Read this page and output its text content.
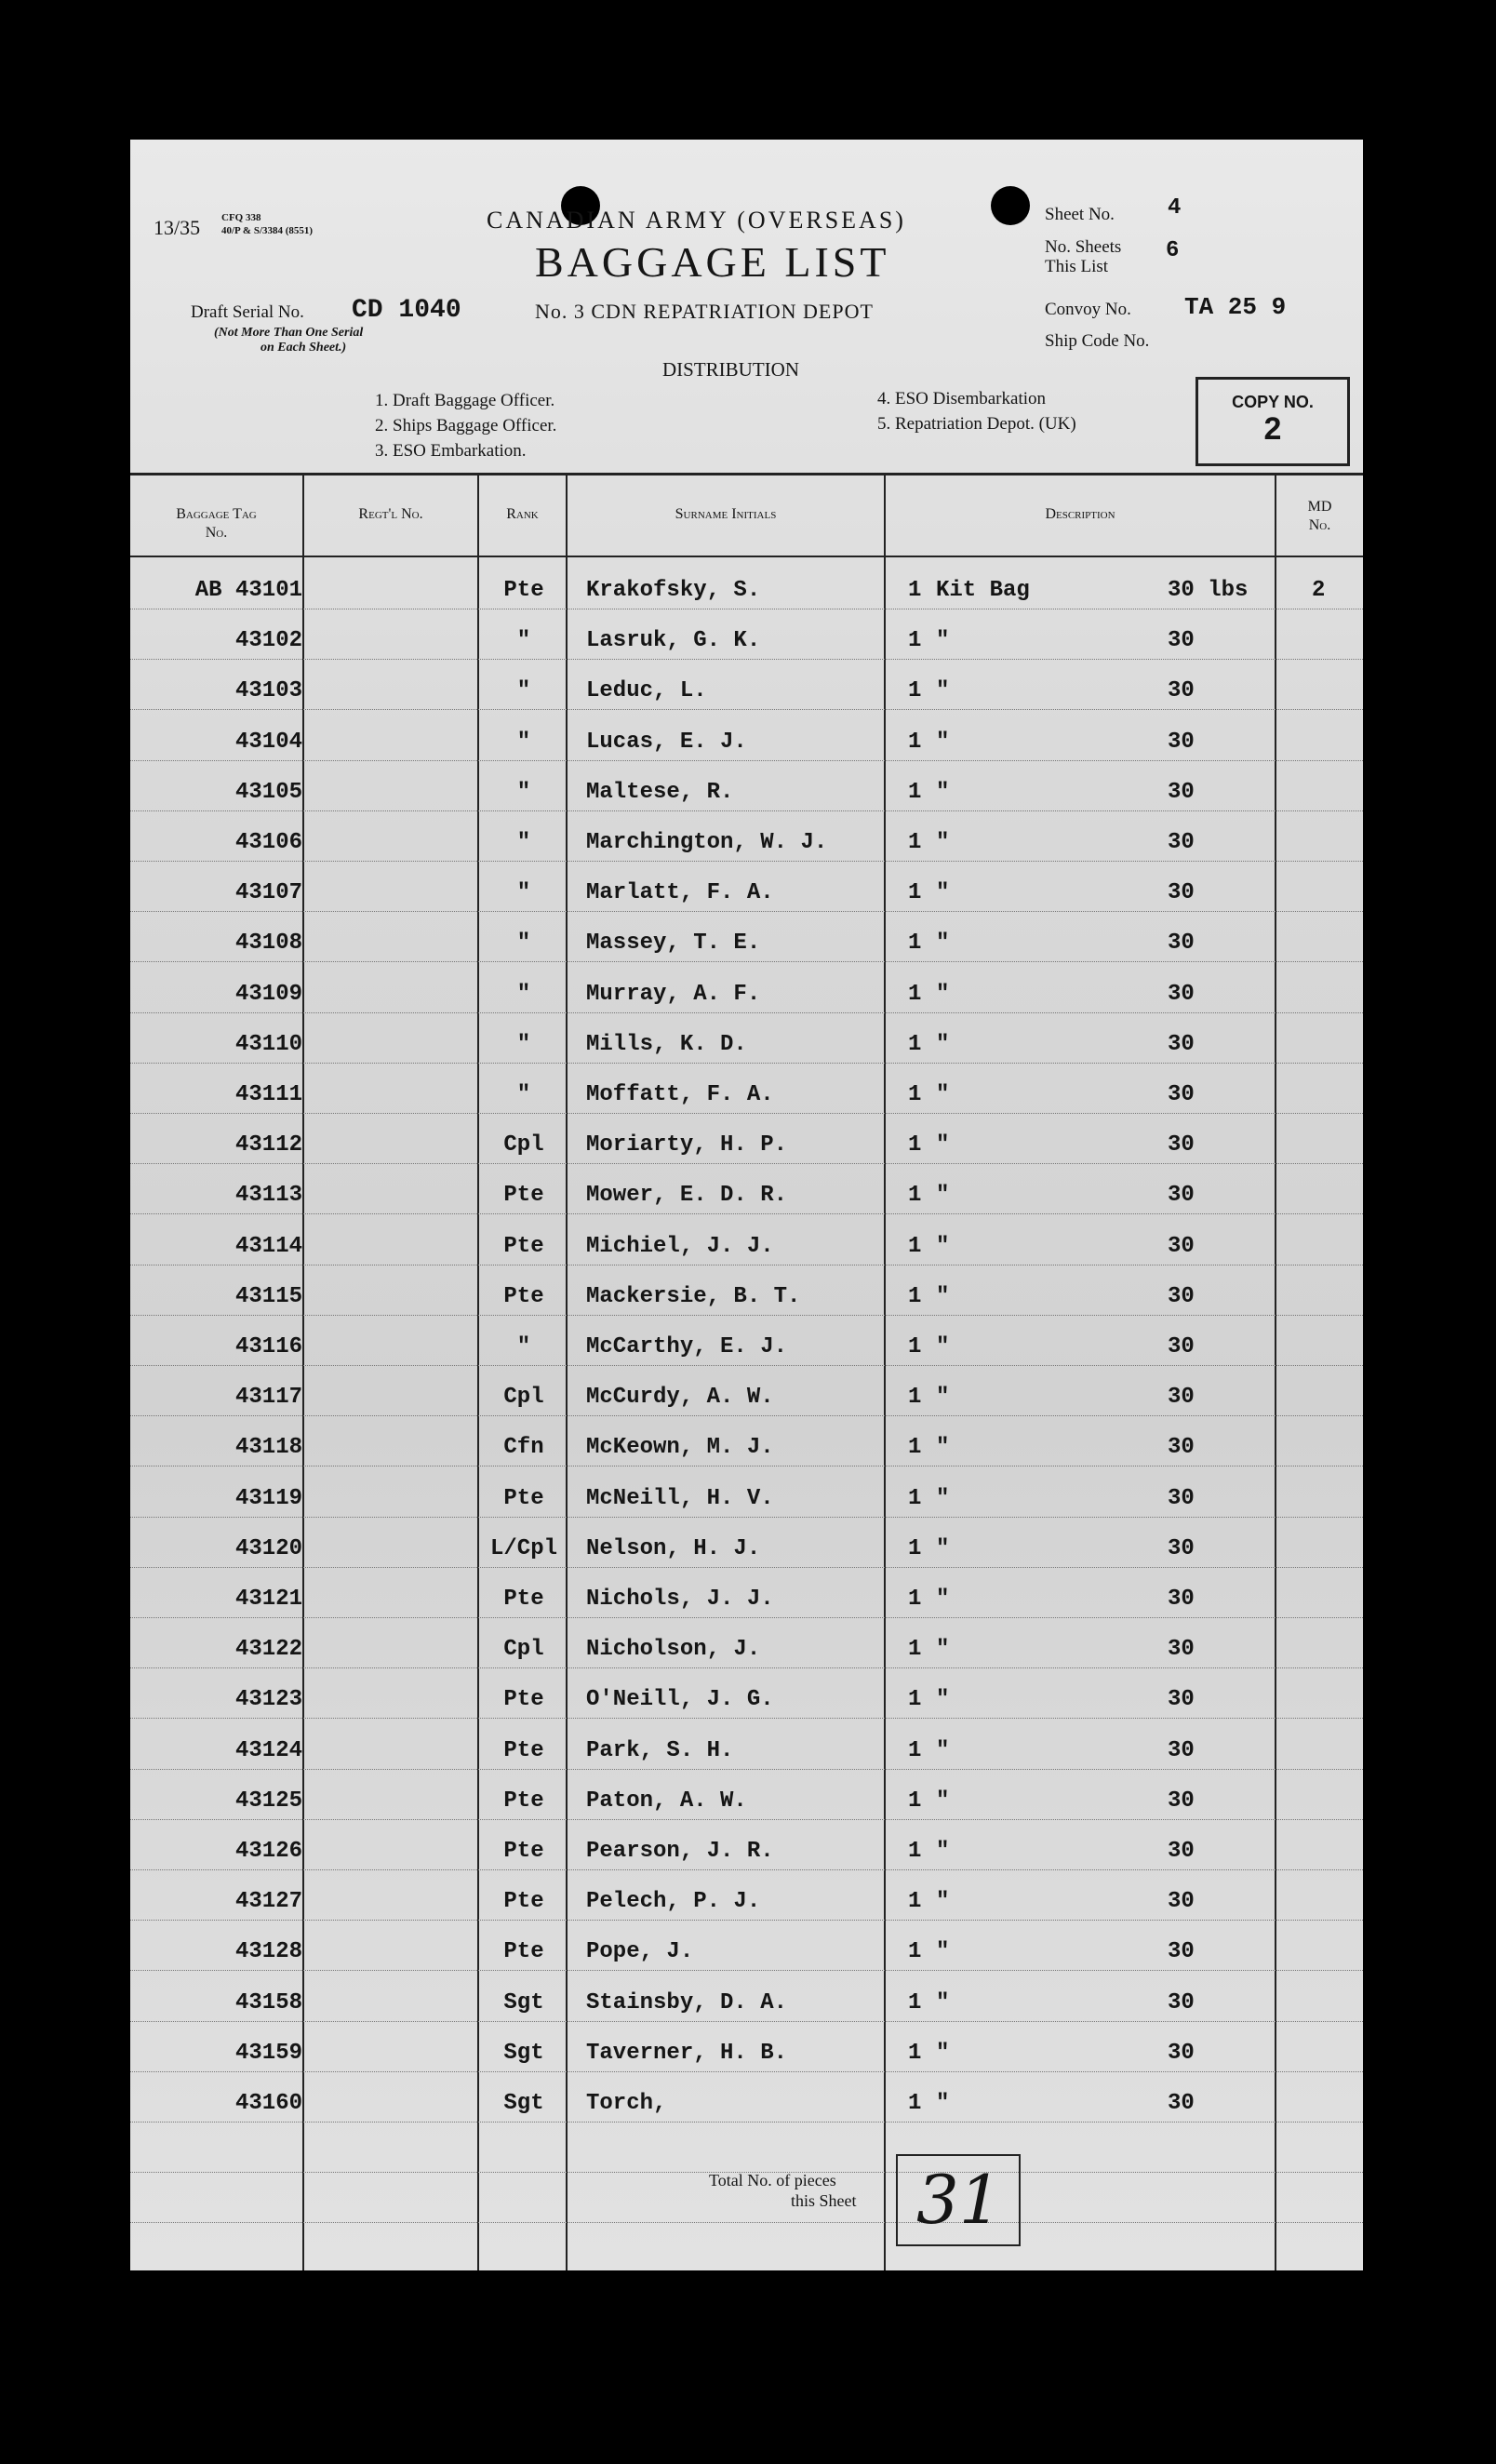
13/35 CFQ 338
40/P & S/3384 (8551)
Draft Serial No. CD 1040
(Not More Than One Serial
on Each Sheet.)
CANADIAN ARMY (OVERSEAS)
BAGGAGE LIST
No. 3 CDN REPATRIATION DEPOT
Sheet No. 4
No. Sheets
This List
6
Convoy No. TA 25 9
Ship Code No.
DISTRIBUTION
1. Draft Baggage Officer.
2. Ships Baggage Officer.
3. ESO Embarkation.
4. ESO Disembarkation
5. Repatriation Depot. (UK)
COPY NO.
2
Baggage Tag
No.
Regt'l No.	Rank	Surname Initials	Description	MD
No.
AB 43101	Pte	Krakofsky, S.	1 Kit Bag	30 lbs	2
43102	"	Lasruk, G. K.	1 "	30
43103	"	Leduc, L.	1 "	30
43104	"	Lucas, E. J.	1 "	30
43105	"	Maltese, R.	1 "	30
43106	"	Marchington, W. J.	1 "	30
43107	"	Marlatt, F. A.	1 "	30
43108	"	Massey, T. E.	1 "	30
43109	"	Murray, A. F.	1 "	30
43110	"	Mills, K. D.	1 "	30
43111	"	Moffatt, F. A.	1 "	30
43112	Cpl	Moriarty, H. P.	1 "	30
43113	Pte	Mower, E. D. R.	1 "	30
43114	Pte	Michiel, J. J.	1 "	30
43115	Pte	Mackersie, B. T.	1 "	30
43116	"	McCarthy, E. J.	1 "	30
43117	Cpl	McCurdy, A. W.	1 "	30
43118	Cfn	McKeown, M. J.	1 "	30
43119	Pte	McNeill, H. V.	1 "	30
43120	L/Cpl	Nelson, H. J.	1 "	30
43121	Pte	Nichols, J. J.	1 "	30
43122	Cpl	Nicholson, J.	1 "	30
43123	Pte	O'Neill, J. G.	1 "	30
43124	Pte	Park, S. H.	1 "	30
43125	Pte	Paton, A. W.	1 "	30
43126	Pte	Pearson, J. R.	1 "	30
43127	Pte	Pelech, P. J.	1 "	30
43128	Pte	Pope, J.	1 "	30
43158	Sgt	Stainsby, D. A.	1 "	30
43159	Sgt	Taverner, H. B.	1 "	30
43160	Sgt	Torch,	1 "	30
Total No. of pieces
this Sheet 31
